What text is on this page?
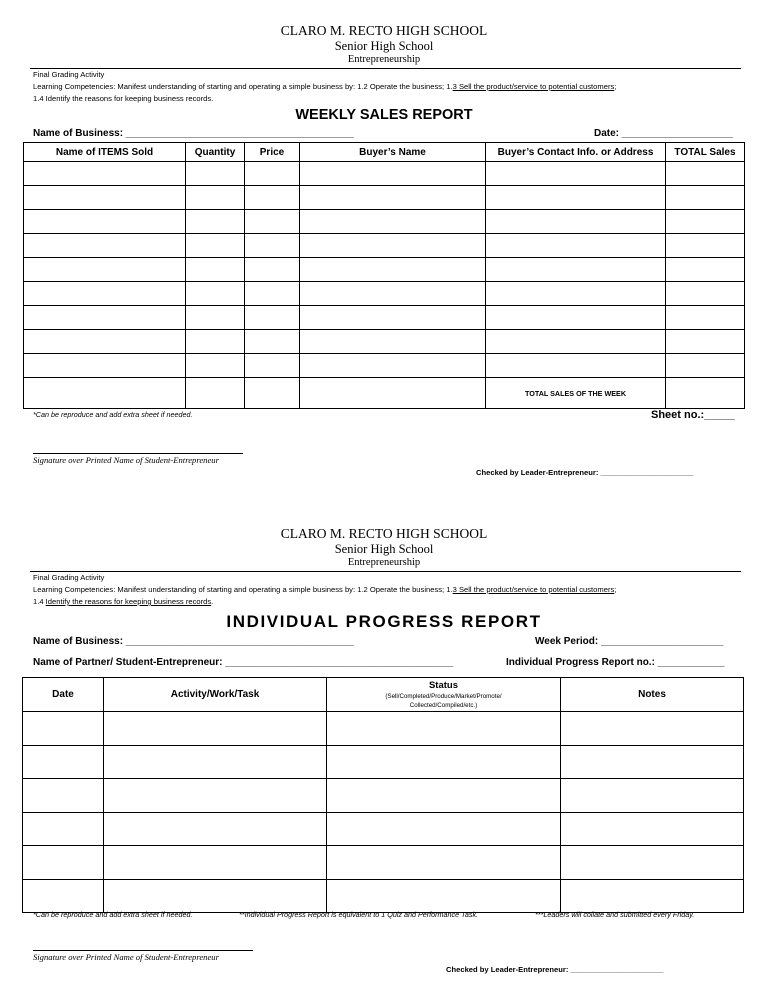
CLARO M. RECTO HIGH SCHOOL
Senior High School
Entrepreneurship
Final Grading Activity
Learning Competencies: Manifest understanding of starting and operating a simple business by: 1.2 Operate the business; 1.3 Sell the product/service to potential customers;
1.4 Identify the reasons for keeping business records.
WEEKLY SALES REPORT
Name of Business: _________________________________________	Date: ____________________
Name of ITEMS Sold	Quantity	Price	Buyer’s Name	Buyer’s Contact Info. or Address	TOTAL Sales

				TOTAL SALES OF THE WEEK	
*Can be reproduce and add extra sheet if needed.	Sheet no.:_____
Signature over Printed Name of Student-Entrepreneur
Checked by Leader-Entrepreneur: ______________________
CLARO M. RECTO HIGH SCHOOL
Senior High School
Entrepreneurship
Final Grading Activity
Learning Competencies: Manifest understanding of starting and operating a simple business by: 1.2 Operate the business; 1.3 Sell the product/service to potential customers;
1.4 Identify the reasons for keeping business records.
INDIVIDUAL PROGRESS REPORT
Name of Business: _________________________________________	Week Period: ______________________
Name of Partner/ Student-Entrepreneur: _________________________________________	Individual Progress Report no.: ____________
Date	Activity/Work/Task	Status
(Sell/Completed/Produce/Market/Promote/
Collected/Compiled/etc.)	Notes

*Can be reproduce and add extra sheet if needed.	**Individual Progress Report is equivalent to 1 Quiz and Performance Task.	***Leaders will collate and submitted every Friday.
Signature over Printed Name of Student-Entrepreneur
Checked by Leader-Entrepreneur: ______________________
